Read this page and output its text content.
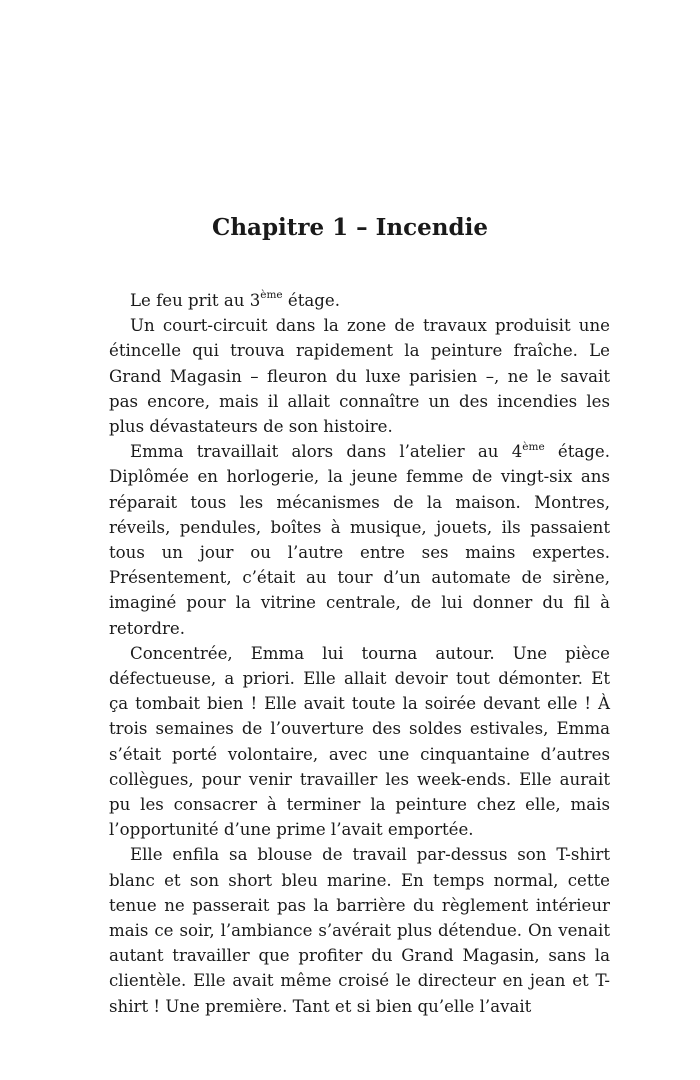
Chapitre 1 – Incendie

Le feu prit au 3ème étage.

Un court-circuit dans la zone de travaux produisit une étincelle qui trouva rapidement la peinture fraîche. Le Grand Magasin – fleuron du luxe parisien –, ne le savait pas encore, mais il allait connaître un des incendies les plus dévastateurs de son histoire.

Emma travaillait alors dans l’atelier au 4ème étage. Diplômée en horlogerie, la jeune femme de vingt-six ans réparait tous les mécanismes de la maison. Montres, réveils, pendules, boîtes à musique, jouets, ils passaient tous un jour ou l’autre entre ses mains expertes. Présentement, c’était au tour d’un automate de sirène, imaginé pour la vitrine centrale, de lui donner du fil à retordre.

Concentrée, Emma lui tourna autour. Une pièce défectueuse, a priori. Elle allait devoir tout démonter. Et ça tombait bien ! Elle avait toute la soirée devant elle ! À trois semaines de l’ouverture des soldes estivales, Emma s’était porté volontaire, avec une cinquantaine d’autres collègues, pour venir travailler les week-ends. Elle aurait pu les consacrer à terminer la peinture chez elle, mais l’opportunité d’une prime l’avait emportée.

Elle enfila sa blouse de travail par-dessus son T-shirt blanc et son short bleu marine. En temps normal, cette tenue ne passerait pas la barrière du règlement intérieur mais ce soir, l’ambiance s’avérait plus détendue. On venait autant travailler que profiter du Grand Magasin, sans la clientèle. Elle avait même croisé le directeur en jean et T-shirt ! Une première. Tant et si bien qu’elle l’avait
